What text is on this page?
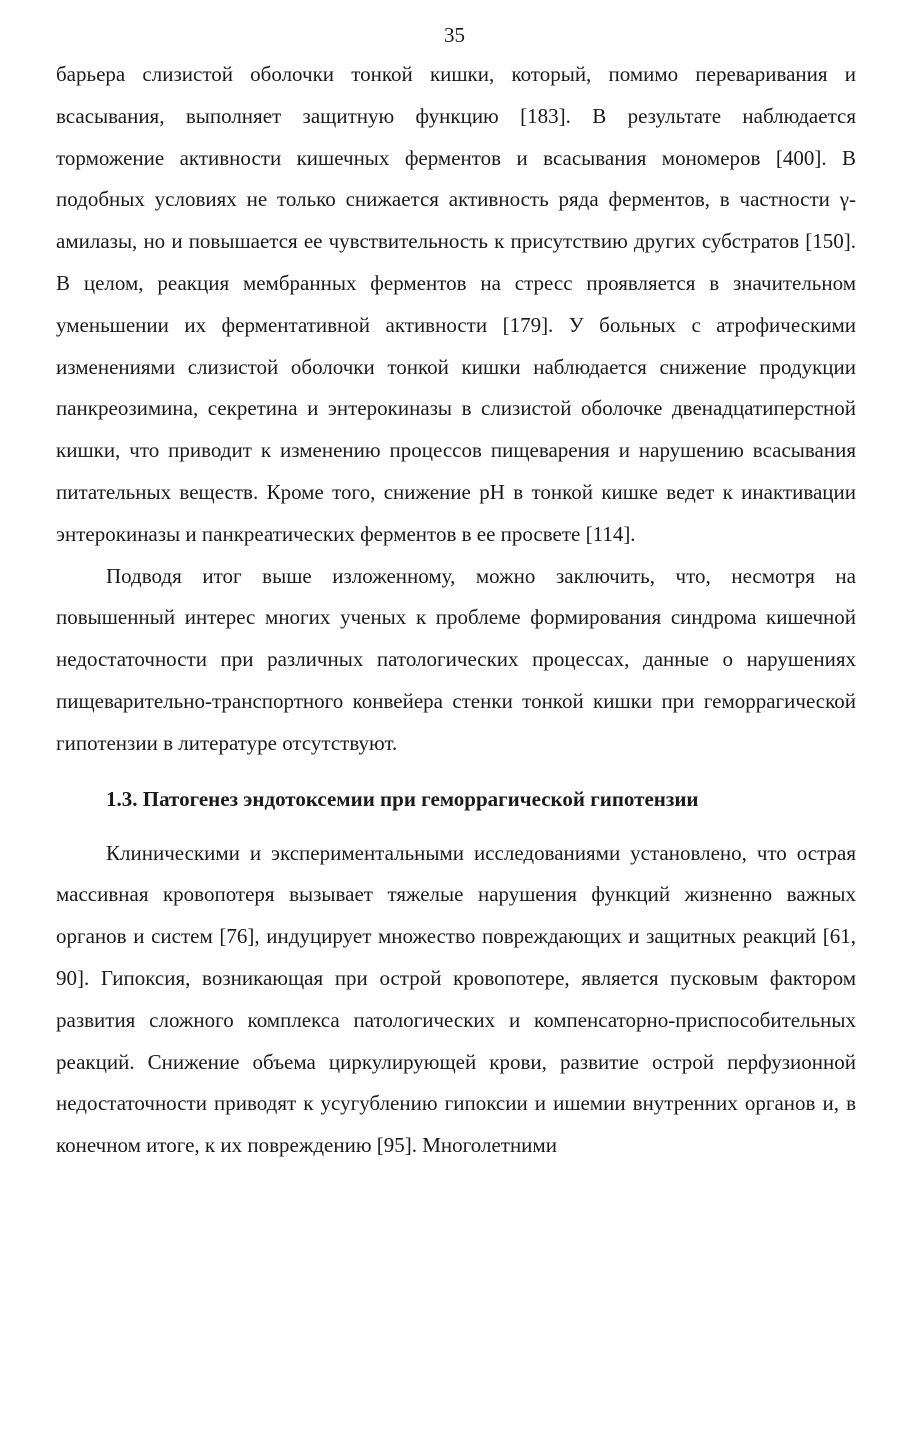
35

барьера слизистой оболочки тонкой кишки, который, помимо переваривания и всасывания, выполняет защитную функцию [183]. В результате наблюдается торможение активности кишечных ферментов и всасывания мономеров [400]. В подобных условиях не только снижается активность ряда ферментов, в частности γ-амилазы, но и повышается ее чувствительность к присутствию других субстратов [150]. В целом, реакция мембранных ферментов на стресс проявляется в значительном уменьшении их ферментативной активности [179]. У больных с атрофическими изменениями слизистой оболочки тонкой кишки наблюдается снижение продукции панкреозимина, секретина и энтерокиназы в слизистой оболочке двенадцатиперстной кишки, что приводит к изменению процессов пищеварения и нарушению всасывания питательных веществ. Кроме того, снижение pH в тонкой кишке ведет к инактивации энтерокиназы и панкреатических ферментов в ее просвете [114].

Подводя итог выше изложенному, можно заключить, что, несмотря на повышенный интерес многих ученых к проблеме формирования синдрома кишечной недостаточности при различных патологических процессах, данные о нарушениях пищеварительно-транспортного конвейера стенки тонкой кишки при геморрагической гипотензии в литературе отсутствуют.

1.3. Патогенез эндотоксемии при геморрагической гипотензии

Клиническими и экспериментальными исследованиями установлено, что острая массивная кровопотеря вызывает тяжелые нарушения функций жизненно важных органов и систем [76], индуцирует множество повреждающих и защитных реакций [61, 90]. Гипоксия, возникающая при острой кровопотере, является пусковым фактором развития сложного комплекса патологических и компенсаторно-приспособительных реакций. Снижение объема циркулирующей крови, развитие острой перфузионной недостаточности приводят к усугублению гипоксии и ишемии внутренних органов и, в конечном итоге, к их повреждению [95]. Многолетними
